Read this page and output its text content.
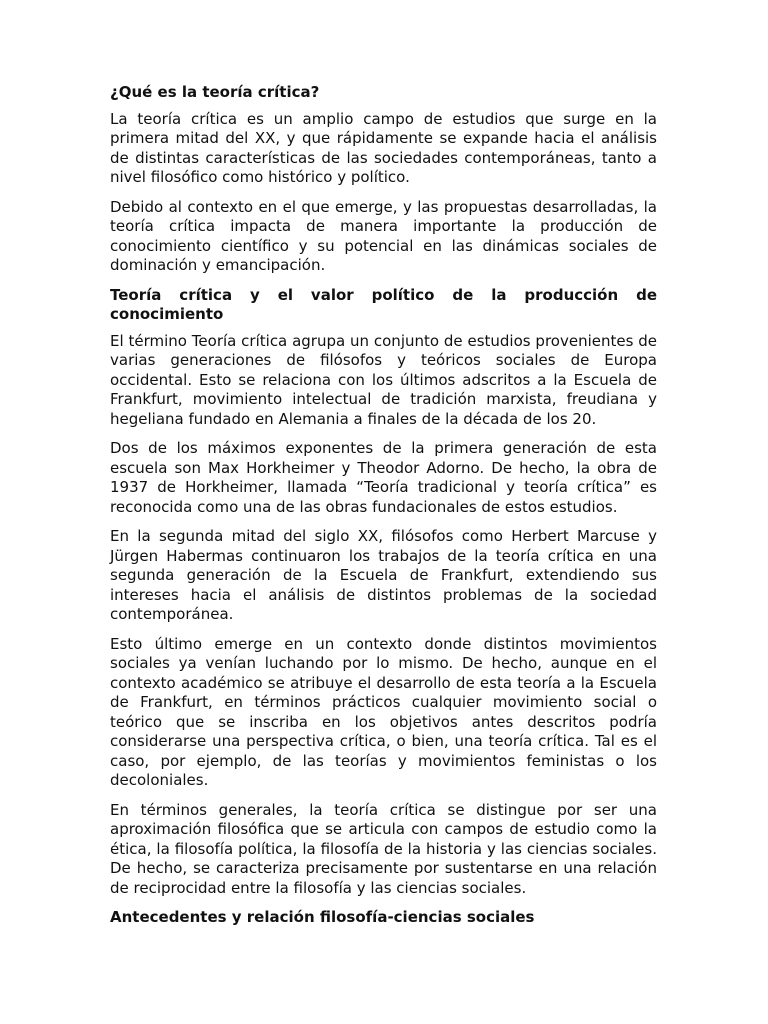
¿Qué es la teoría crítica?

La teoría crítica es un amplio campo de estudios que surge en la primera mitad del XX, y que rápidamente se expande hacia el análisis de distintas características de las sociedades contemporáneas, tanto a nivel filosófico como histórico y político.

Debido al contexto en el que emerge, y las propuestas desarrolladas, la teoría crítica impacta de manera importante la producción de conocimiento científico y su potencial en las dinámicas sociales de dominación y emancipación.

Teoría crítica y el valor político de la producción de conocimiento

El término Teoría crítica agrupa un conjunto de estudios provenientes de varias generaciones de filósofos y teóricos sociales de Europa occidental. Esto se relaciona con los últimos adscritos a la Escuela de Frankfurt, movimiento intelectual de tradición marxista, freudiana y hegeliana fundado en Alemania a finales de la década de los 20.

Dos de los máximos exponentes de la primera generación de esta escuela son Max Horkheimer y Theodor Adorno. De hecho, la obra de 1937 de Horkheimer, llamada “Teoría tradicional y teoría crítica” es reconocida como una de las obras fundacionales de estos estudios.

En la segunda mitad del siglo XX, filósofos como Herbert Marcuse y Jürgen Habermas continuaron los trabajos de la teoría crítica en una segunda generación de la Escuela de Frankfurt, extendiendo sus intereses hacia el análisis de distintos problemas de la sociedad contemporánea.

Esto último emerge en un contexto donde distintos movimientos sociales ya venían luchando por lo mismo. De hecho, aunque en el contexto académico se atribuye el desarrollo de esta teoría a la Escuela de Frankfurt, en términos prácticos cualquier movimiento social o teórico que se inscriba en los objetivos antes descritos podría considerarse una perspectiva crítica, o bien, una teoría crítica. Tal es el caso, por ejemplo, de las teorías y movimientos feministas o los decoloniales.

En términos generales, la teoría crítica se distingue por ser una aproximación filosófica que se articula con campos de estudio como la ética, la filosofía política, la filosofía de la historia y las ciencias sociales. De hecho, se caracteriza precisamente por sustentarse en una relación de reciprocidad entre la filosofía y las ciencias sociales.

Antecedentes y relación filosofía-ciencias sociales
